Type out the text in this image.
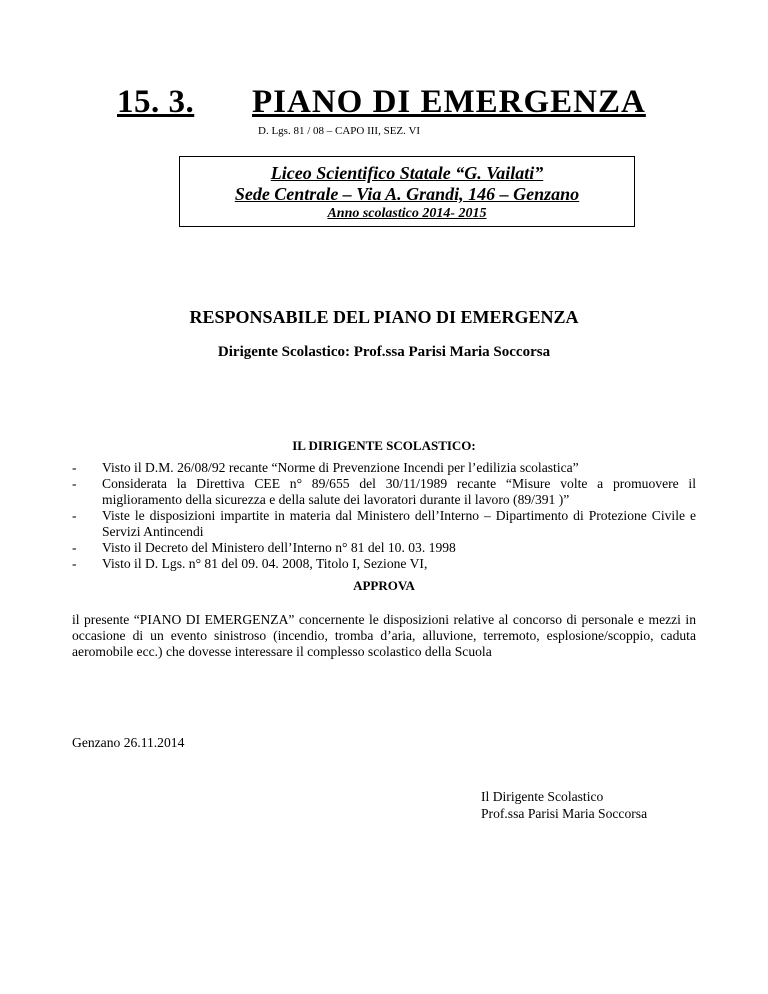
15. 3. PIANO DI EMERGENZA
D. Lgs. 81 / 08 – CAPO III, SEZ. VI
Liceo Scientifico Statale “G. Vailati”
Sede Centrale – Via A. Grandi, 146 – Genzano
Anno scolastico 2014- 2015
RESPONSABILE DEL PIANO DI EMERGENZA
Dirigente Scolastico: Prof.ssa Parisi Maria Soccorsa
IL DIRIGENTE SCOLASTICO:
- Visto il D.M. 26/08/92 recante “Norme di Prevenzione Incendi per l’edilizia scolastica”
- Considerata la Direttiva CEE n° 89/655 del 30/11/1989 recante “Misure volte a promuovere il miglioramento della sicurezza e della salute dei lavoratori durante il lavoro (89/391 )”
- Viste le disposizioni impartite in materia dal Ministero dell’Interno – Dipartimento di Protezione Civile e Servizi Antincendi
- Visto il Decreto del Ministero dell’Interno n° 81 del 10. 03. 1998
- Visto il D. Lgs. n° 81 del 09. 04. 2008, Titolo I, Sezione VI,
APPROVA
il presente “PIANO DI EMERGENZA” concernente le disposizioni relative al concorso di personale e mezzi in occasione di un evento sinistroso (incendio, tromba d’aria, alluvione, terremoto, esplosione/scoppio, caduta aeromobile ecc.) che dovesse interessare il complesso scolastico della Scuola
Genzano 26.11.2014
Il Dirigente Scolastico
Prof.ssa Parisi Maria Soccorsa
